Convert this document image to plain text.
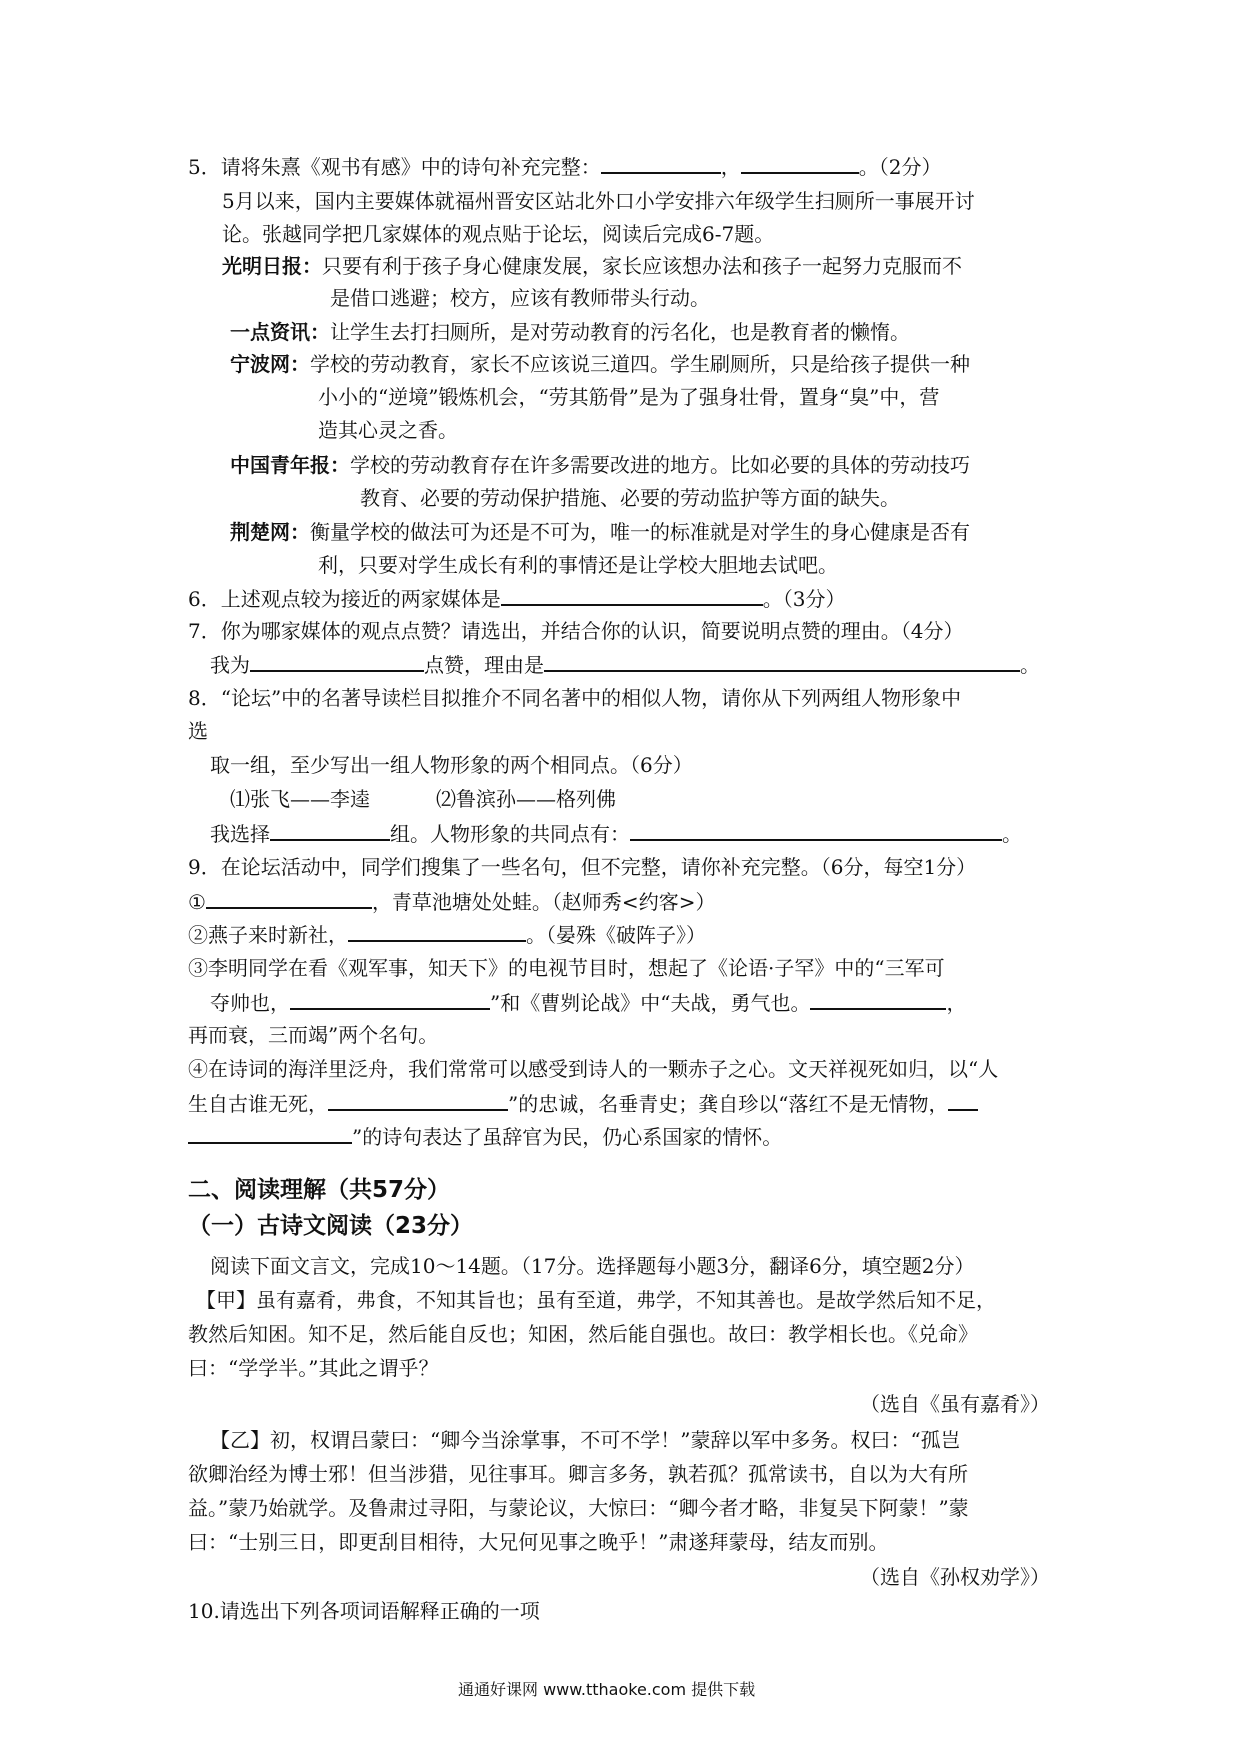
5．请将朱熹《观书有感》中的诗句补充完整：	，	。（2分）
5月以来，国内主要媒体就福州晋安区站北外口小学安排六年级学生扫厕所一事展开讨
论。张越同学把几家媒体的观点贴于论坛，阅读后完成6-7题。
光明日报：只要有利于孩子身心健康发展，家长应该想办法和孩子一起努力克服而不
是借口逃避；校方，应该有教师带头行动。
一点资讯：让学生去打扫厕所，是对劳动教育的污名化，也是教育者的懒惰。
宁波网：学校的劳动教育，家长不应该说三道四。学生刷厕所，只是给孩子提供一种
小小的“逆境”锻炼机会，“劳其筋骨”是为了强身壮骨，置身“臭”中，营
造其心灵之香。
中国青年报：学校的劳动教育存在许多需要改进的地方。比如必要的具体的劳动技巧
教育、必要的劳动保护措施、必要的劳动监护等方面的缺失。
荆楚网：衡量学校的做法可为还是不可为，唯一的标准就是对学生的身心健康是否有
利，只要对学生成长有利的事情还是让学校大胆地去试吧。
6．上述观点较为接近的两家媒体是	。（3分）
7．你为哪家媒体的观点点赞？请选出，并结合你的认识，简要说明点赞的理由。（4分）
我为	点赞，理由是	。
8．“论坛”中的名著导读栏目拟推介不同名著中的相似人物，请你从下列两组人物形象中
选
取一组，至少写出一组人物形象的两个相同点。（6分）
⑴张飞——李逵	⑵鲁滨孙——格列佛
我选择	组。人物形象的共同点有：	。
9．在论坛活动中，同学们搜集了一些名句，但不完整，请你补充完整。（6分，每空1分）
①	，青草池塘处处蛙。（赵师秀<约客>）
②燕子来时新社，	。（晏殊《破阵子》）
③李明同学在看《观军事，知天下》的电视节目时，想起了《论语·子罕》中的“三军可
夺帅也，	”和《曹刿论战》中“夫战，勇气也。	，
再而衰，三而竭”两个名句。
④在诗词的海洋里泛舟，我们常常可以感受到诗人的一颗赤子之心。文天祥视死如归，以“人
生自古谁无死，	”的忠诚，名垂青史；龚自珍以“落红不是无情物，
”的诗句表达了虽辞官为民，仍心系国家的情怀。
二、阅读理解（共57分）
（一）古诗文阅读（23分）
阅读下面文言文，完成10～14题。（17分。选择题每小题3分，翻译6分，填空题2分）
【甲】虽有嘉肴，弗食，不知其旨也；虽有至道，弗学，不知其善也。是故学然后知不足，
教然后知困。知不足，然后能自反也；知困，然后能自强也。故曰：教学相长也。《兑命》
曰：“学学半。”其此之谓乎？
（选自《虽有嘉肴》）
【乙】初，权谓吕蒙曰：“卿今当涂掌事，不可不学！”蒙辞以军中多务。权曰：“孤岂
欲卿治经为博士邪！但当涉猎，见往事耳。卿言多务，孰若孤？孤常读书，自以为大有所
益。”蒙乃始就学。及鲁肃过寻阳，与蒙论议，大惊曰：“卿今者才略，非复吴下阿蒙！”蒙
曰：“士别三日，即更刮目相待，大兄何见事之晚乎！”肃遂拜蒙母，结友而别。
（选自《孙权劝学》）
10.请选出下列各项词语解释正确的一项
通通好课网 www.tthaoke.com 提供下载
